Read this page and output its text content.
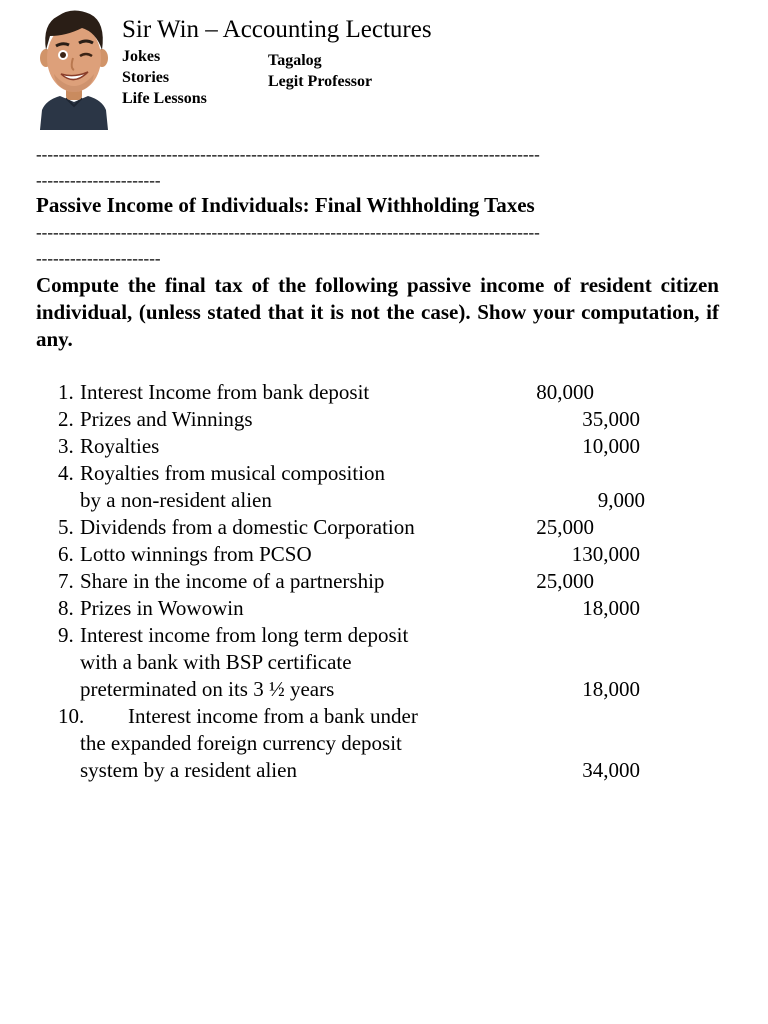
Sir Win – Accounting Lectures
Jokes
Stories
Life Lessons
Tagalog
Legit Professor
-----------------------------------------------------------------------------------------
----------------------
Passive Income of Individuals: Final Withholding Taxes
-----------------------------------------------------------------------------------------
----------------------
Compute the final tax of the following passive income of resident citizen individual, (unless stated that it is not the case). Show your computation, if any.
1. Interest Income from bank deposit	80,000
2. Prizes and Winnings	35,000
3. Royalties	10,000
4. Royalties from musical composition
by a non-resident alien	9,000
5. Dividends from a domestic Corporation	25,000
6. Lotto winnings from PCSO	130,000
7. Share in the income of a partnership	25,000
8. Prizes in Wowowin	18,000
9. Interest income from long term deposit
with a bank with BSP certificate
preterminated on its 3 ½ years	18,000
10. Interest income from a bank under
the expanded foreign currency deposit
system by a resident alien	34,000
